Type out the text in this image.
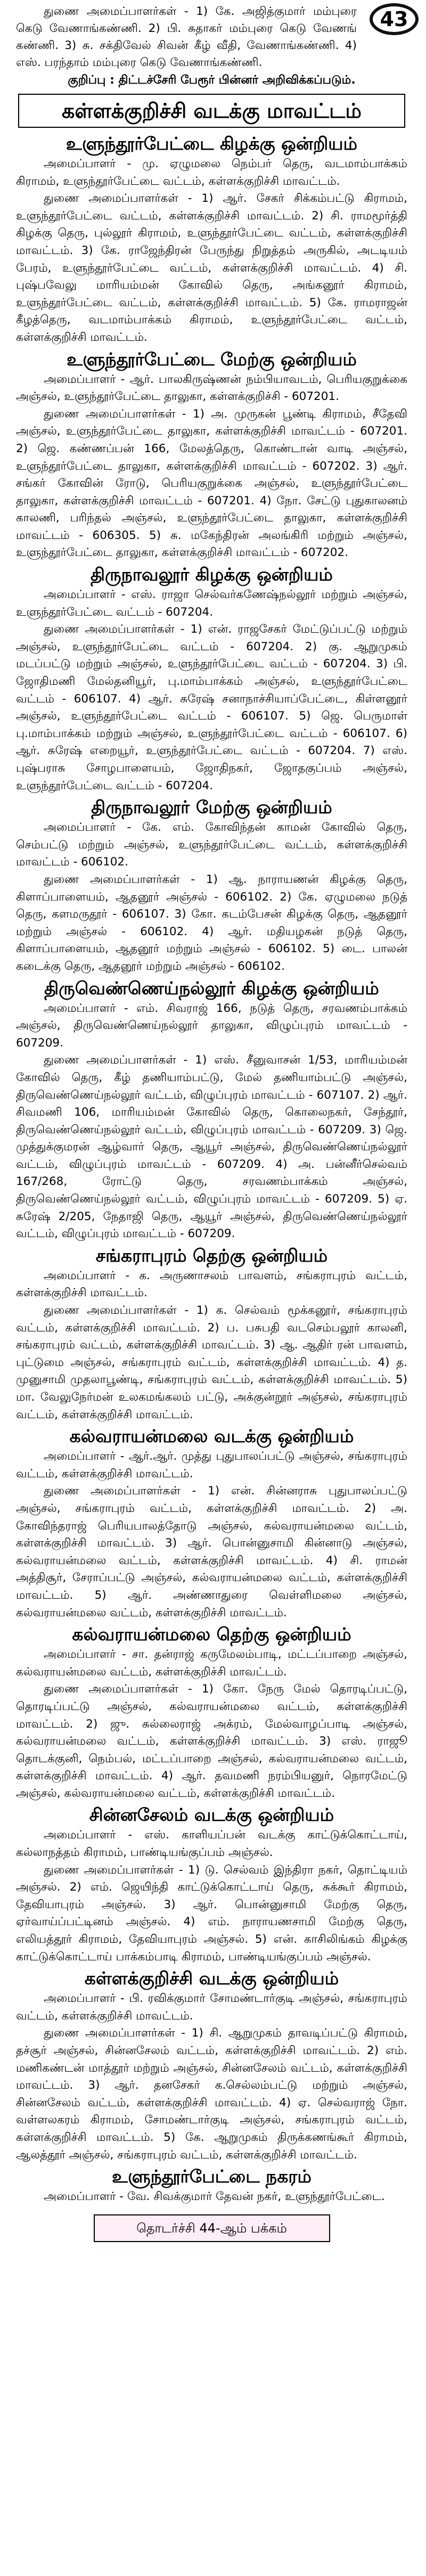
43

துணை அமைப்பாளர்கள் - 1) கே. அஜித்குமார் மம்புரை கெடு வேணாங்கண்ணி. 2) பி. சுதாகர் மம்புரை கெடு வேணங் கண்ணி. 3) சு. சக்திவேல் சிவன் கீழ் வீதி, வேணாங்கண்ணி. 4) எஸ். பரந்தாம் மம்புரை கெடு வேணாங்கண்ணி.

குறிப்பு : திட்டச்சேரி பேரூர் பின்னர் அறிவிக்கப்படும்.

கள்ளக்குறிச்சி வடக்கு மாவட்டம்
உளுந்தூர்பேட்டை கிழக்கு ஒன்றியம்

அமைப்பாளர் - மு. ஏழுமலை நெம்பர் தெரு, வடமாம்பாக்கம் கிராமம், உளுந்தூர்பேட்டை வட்டம், கள்ளக்குறிச்சி மாவட்டம்.

துணை அமைப்பாளர்கள் - 1) ஆர். சேகர் சிக்கம்பட்டு கிராமம், உளுந்தூர்பேட்டை வட்டம், கள்ளக்குறிச்சி மாவட்டம். 2) சி. ராமமூர்த்தி கிழக்கு தெரு, புல்லூர் கிராமம், உளுந்தூர்பேட்டை வட்டம், கள்ளக்குறிச்சி மாவட்டம். 3) கே. ராஜேந்திரன் பேருந்து நிறுத்தம் அருகில், அடடியம் பேரம், உளுந்தூர்பேட்டை வட்டம், கள்ளக்குறிச்சி மாவட்டம். 4) சி. புஷ்பவேலு மாரியம்மன் கோவில் தெரு, அங்கனூர் கிராமம், உளுந்தூர்பேட்டை வட்டம், கள்ளக்குறிச்சி மாவட்டம். 5) கே. ராமராஜன் கீழத்தெரு, வடமாம்பாக்கம் கிராமம், உளுந்தூர்பேட்டை வட்டம், கள்ளக்குறிச்சி மாவட்டம்.

உளுந்தூர்பேட்டை மேற்கு ஒன்றியம்

அமைப்பாளர் - ஆர். பாலகிருஷ்ணன் நம்பியாவடம், பெரியகுறுக்கை அஞ்சல், உளுந்தூர்பேட்டை தாலுகா, கள்ளக்குறிச்சி - 607201.

துணை அமைப்பாளர்கள் - 1) அ. முருகன் பூண்டி கிராமம், சீதேவி அஞ்சல், உளுந்தூர்பேட்டை தாலுகா, கள்ளக்குறிச்சி மாவட்டம் - 607201. 2) ஜெ. கண்ணப்பன் 166, மேலத்தெரு, கொண்டான் வாடி அஞ்சல், உளுந்தூர்பேட்டை தாலுகா, கள்ளக்குறிச்சி மாவட்டம் - 607202. 3) ஆர். சங்கர் கோவின் ரோடு, பெரியகுறுக்கை அஞ்சல், உளுந்தூர்பேட்டை தாலுகா, கள்ளக்குறிச்சி மாவட்டம் - 607201. 4) நோ. சேட்டு புதுகாலனம் காலணி, பரிந்தல் அஞ்சல், உளுந்தூர்பேட்டை தாலுகா, கள்ளக்குறிச்சி மாவட்டம் - 606305. 5) சு. மகேந்திரன் அலங்கிரி மற்றும் அஞ்சல், உளுந்தூர்பேட்டை தாலுகா, கள்ளக்குறிச்சி மாவட்டம் - 607202.

திருநாவலூர் கிழக்கு ஒன்றியம்

அமைப்பாளர் - எஸ். ராஜா செல்வர்கணேஷ்நல்லூர் மற்றும் அஞ்சல், உளுந்தூர்பேட்டை வட்டம் - 607204.

துணை அமைப்பாளர்கள் - 1) என். ராஜசேகர் மேட்டுப்பட்டு மற்றும் அஞ்சல், உளுந்தூர்பேட்டை வட்டம் - 607204. 2) கு. ஆறுமுகம் மடப்பட்டு மற்றும் அஞ்சல், உளுந்தூர்பேட்டை வட்டம் - 607204. 3) பி. ஜோதிமணி மேல்தனியூர், பு.மாம்பாக்கம் அஞ்சல், உளுந்தூர்பேட்டை வட்டம் - 606107. 4) ஆர். சுரேஷ் சனாநாச்சியாப்பேட்டை, கிள்ளனூர் அஞ்சல், உளுந்தூர்பேட்டை வட்டம் - 606107. 5) ஜெ. பெருமாள் பு.மாம்பாக்கம் மற்றும் அஞ்சல், உளுந்தூர்பேட்டை வட்டம் - 606107. 6) ஆர். சுரேஷ் எறையூர், உளுந்தூர்பேட்டை வட்டம் - 607204. 7) எஸ். புஷ்பராசு சோழபாளையம், ஜோதிநகர், ஜோதகுப்பம் அஞ்சல், உளுந்தூர்பேட்டை வட்டம் - 607204.

திருநாவலூர் மேற்கு ஒன்றியம்

அமைப்பாளர் - கே. எம். கோவிந்தன் காமன் கோவில் தெரு, செம்பட்டு மற்றும் அஞ்சல், உளுந்தூர்பேட்டை வட்டம், கள்ளக்குறிச்சி மாவட்டம் - 606102.

துணை அமைப்பாளர்கள் - 1) ஆ. நாராயணன் கிழக்கு தெரு, கிளாப்பாளையம், ஆதனூர் அஞ்சல் - 606102. 2) கே. ஏழுமலை நடுத் தெரு, களமருதூர் - 606107. 3) கோ. கடம்பேசன் கிழக்கு தெரு, ஆதனூர் மற்றும் அஞ்சல் - 606102. 4) ஆர். மதியழகன் நடுத் தெரு, கிளாப்பாளையம், ஆதனூர் மற்றும் அஞ்சல் - 606102. 5) டை. பாலன் கடைக்கு தெரு, ஆதனூர் மற்றும் அஞ்சல் - 606102.

திருவெண்ணெய்நல்லூர் கிழக்கு ஒன்றியம்

அமைப்பாளர் - எம். சிவராஜ் 166, நடுத் தெரு, சரவணம்பாக்கம் அஞ்சல், திருவெண்ணெய்நல்லூர் தாலுகா, விழுப்புரம் மாவட்டம் - 607209.

துணை அமைப்பாளர்கள் - 1) எஸ். சீனுவாசன் 1/53, மாரியம்மன் கோவில் தெரு, கீழ் தணியாம்பட்டு, மேல் தணியாம்பட்டு அஞ்சல், திருவெண்ணெய்நல்லூர் வட்டம், விழுப்புரம் மாவட்டம் - 607107. 2) ஆர். சிவமணி 106, மாரியம்மன் கோவில் தெரு, கொலைநகர், சேந்தூர், திருவெண்ணெய்நல்லூர் வட்டம், விழுப்புரம் மாவட்டம் - 607209. 3) ஜெ. முத்துக்குமரன் ஆழ்வார் தெரு, ஆயூர் அஞ்சல், திருவெண்ணெய்நல்லூர் வட்டம், விழுப்புரம் மாவட்டம் - 607209. 4) அ. பன்னீர்செல்வம் 167/268, ரோட்டு தெரு, சரவணம்பாக்கம் அஞ்சல், திருவெண்ணெய்நல்லூர் வட்டம், விழுப்புரம் மாவட்டம் - 607209. 5) ஏ. சுரேஷ் 2/205, நேதாஜி தெரு, ஆயூர் அஞ்சல், திருவெண்ணெய்நல்லூர் வட்டம், விழுப்புரம் மாவட்டம் - 607209.

சங்கராபுரம் தெற்கு ஒன்றியம்

அமைப்பாளர் - க. அருணாசலம் பாவளம், சங்கராபுரம் வட்டம், கள்ளக்குறிச்சி மாவட்டம்.

துணை அமைப்பாளர்கள் - 1) க. செல்வம் மூக்கனூர், சங்கராபுரம் வட்டம், கள்ளக்குறிச்சி மாவட்டம். 2) ப. பசுபதி வடசெம்பலூர் காலனி, சங்கராபுரம் வட்டம், கள்ளக்குறிச்சி மாவட்டம். 3) ஆ. ஆதிர் ரன் பாவளம், புட்டுமை அஞ்சல், சங்கராபுரம் வட்டம், கள்ளக்குறிச்சி மாவட்டம். 4) த. முனுசாமி முதலாபூண்டி, சங்கராபுரம் வட்டம், கள்ளக்குறிச்சி மாவட்டம். 5) மா. வேலுநேர்மன் உலகமங்கலம் பட்டு, அக்குன்றூர் அஞ்சல், சங்கராபுரம் வட்டம், கள்ளக்குறிச்சி மாவட்டம்.

கல்வராயன்மலை வடக்கு ஒன்றியம்

அமைப்பாளர் - ஆர்.ஆர். முத்து புதுபாலப்பட்டு அஞ்சல், சங்கராபுரம் வட்டம், கள்ளக்குறிச்சி மாவட்டம்.

துணை அமைப்பாளர்கள் - 1) என். சின்னராசு புதுபாலப்பட்டு அஞ்சல், சங்கராபுரம் வட்டம், கள்ளக்குறிச்சி மாவட்டம். 2) அ. கோவிந்தராஜ் பெரியபாலத்தோடு அஞ்சல், கல்வராயன்மலை வட்டம், கள்ளக்குறிச்சி மாவட்டம். 3) ஆர். பொன்னுசாமி கின்னாடு அஞ்சல், கல்வராயன்மலை வட்டம், கள்ளக்குறிச்சி மாவட்டம். 4) சி. ராமன் அத்திசூர், சேராப்பட்டு அஞ்சல், கல்வராயன்மலை வட்டம், கள்ளக்குறிச்சி மாவட்டம். 5) ஆர். அண்ணாதுரை வெள்ளிமலை அஞ்சல், கல்வராயன்மலை வட்டம், கள்ளக்குறிச்சி மாவட்டம்.

கல்வராயன்மலை தெற்கு ஒன்றியம்

அமைப்பாளர் - சா. தன்ராஜ் கருமேலம்பாடி, மட்டப்பாறை அஞ்சல், கல்வராயன்மலை வட்டம், கள்ளக்குறிச்சி மாவட்டம்.

துணை அமைப்பாளர்கள் - 1) கோ. நேரு மேல் தொரடிப்பட்டு, தொரடிப்பட்டு அஞ்சல், கல்வராயன்மலை வட்டம், கள்ளக்குறிச்சி மாவட்டம். 2) ஜு. சுல்லைராஜ் அக்ரம், மேல்வாழப்பாடி அஞ்சல், கல்வராயன்மலை வட்டம், கள்ளக்குறிச்சி மாவட்டம். 3) எஸ். ராஜூ தொடக்குனி, நெம்பல், மட்டப்பாறை அஞ்சல், கல்வராயன்மலை வட்டம், கள்ளக்குறிச்சி மாவட்டம். 4) ஆர். தவமணி நரம்பியனுர், நொரமேட்டு அஞ்சல், கல்வராயன்மலை வட்டம், கள்ளக்குறிச்சி மாவட்டம்.

சின்னசேலம் வடக்கு ஒன்றியம்

அமைப்பாளர் - எஸ். காளியப்பன் வடக்கு காட்டுக்கொட்டாய், கல்லாநத்தம் கிராமம், பாண்டியங்குப்பம் அஞ்சல்.

துணை அமைப்பாளர்கள் - 1) டு. செல்வம் இந்திரா நகர், தொட்டியம் அஞ்சல். 2) எம். ஜெயிந்தி காட்டுக்கொட்டாய் தெரு, சுக்கூர் கிராமம், தேவியாபுரம் அஞ்சல். 3) ஆர். பொன்னுசாமி மேற்கு தெரு, ஏர்வாய்ப்பட்டினம் அஞ்சல். 4) எம். நாராயணசாமி மேற்கு தெரு, எலியத்தூர் கிராமம், தேவியாபுரம் அஞ்சல். 5) என். காசிலிங்கம் கிழக்கு காட்டுக்கொட்டாய் பாக்கம்பாடி கிராமம், பாண்டியங்குப்பம் அஞ்சல்.

கள்ளக்குறிச்சி வடக்கு ஒன்றியம்

அமைப்பாளர் - பி. ரவிக்குமார் சோமண்டார்குடி அஞ்சல், சங்கராபுரம் வட்டம், கள்ளக்குறிச்சி மாவட்டம்.

துணை அமைப்பாளர்கள் - 1) சி. ஆறுமுகம் தாவடிப்பட்டு கிராமம், தச்சூர் அஞ்சல், சின்னசேலம் வட்டம், கள்ளக்குறிச்சி மாவட்டம். 2) எம். மணிகண்டன் மாத்தூர் மற்றும் அஞ்சல், சின்னசேலம் வட்டம், கள்ளக்குறிச்சி மாவட்டம். 3) ஆர். தனசேகர் க.செல்லம்பட்டு மற்றும் அஞ்சல், சின்னசேலம் வட்டம், கள்ளக்குறிச்சி மாவட்டம். 4) ஏ. செல்வராஜ் நோ. வள்ளலகரம் கிராமம், சோமண்டார்குடி அஞ்சல், சங்கராபுரம் வட்டம், கள்ளக்குறிச்சி மாவட்டம். 5) கே. ஆறுமுகம் திருக்கணங்கூர் கிராமம், ஆலத்தூர் அஞ்சல், சங்கராபுரம் வட்டம், கள்ளக்குறிச்சி மாவட்டம்.

உளுந்தூர்பேட்டை நகரம்

அமைப்பாளர் - வே. சிவக்குமார் தேவன் நகர், உளுந்தூர்பேட்டை.

தொடர்ச்சி 44-ஆம் பக்கம்
